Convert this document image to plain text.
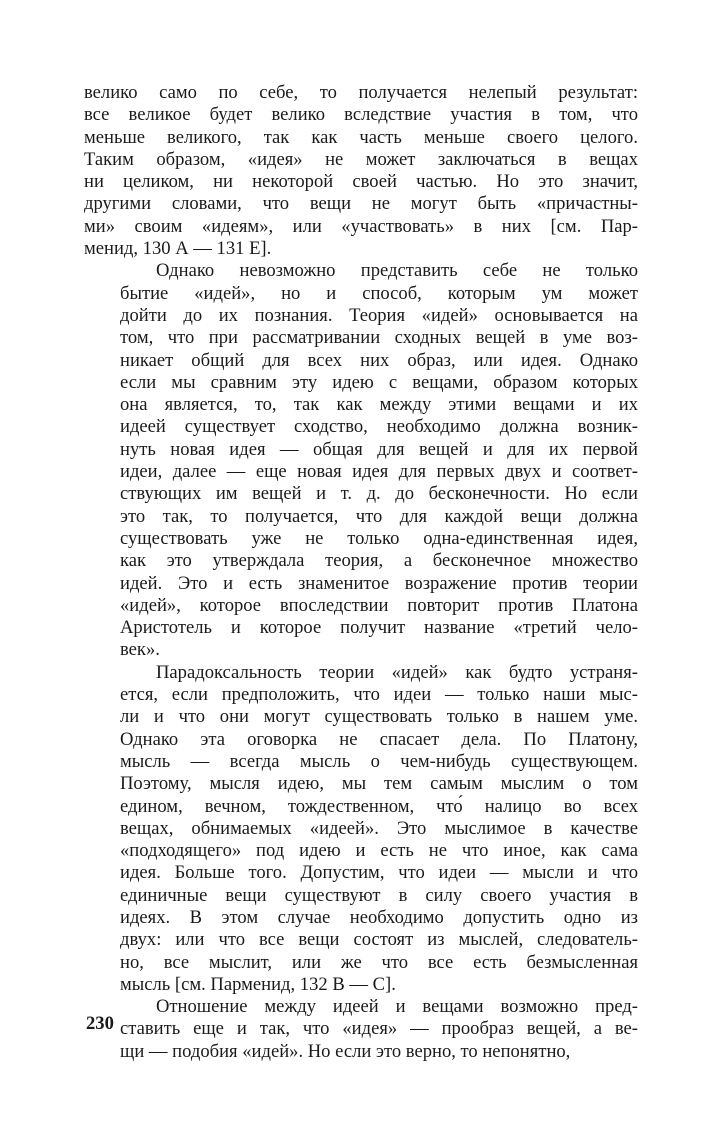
велико само по себе, то получается нелепый результат:
все великое будет велико вследствие участия в том, что
меньше великого, так как часть меньше своего целого.
Таким образом, «идея» не может заключаться в вещах
ни целиком, ни некоторой своей частью. Но это значит,
другими словами, что вещи не могут быть «причастны-
ми» своим «идеям», или «участвовать» в них [см. Пар-
менид, 130 А — 131 Е].

Однако невозможно представить себе не только
бытие «идей», но и способ, которым ум может
дойти до их познания. Теория «идей» основывается на
том, что при рассматривании сходных вещей в уме воз-
никает общий для всех них образ, или идея. Однако
если мы сравним эту идею с вещами, образом которых
она является, то, так как между этими вещами и их
идеей существует сходство, необходимо должна возник-
нуть новая идея — общая для вещей и для их первой
идеи, далее — еще новая идея для первых двух и соответ-
ствующих им вещей и т. д. до бесконечности. Но если
это так, то получается, что для каждой вещи должна
существовать уже не только одна-единственная идея,
как это утверждала теория, а бесконечное множество
идей. Это и есть знаменитое возражение против теории
«идей», которое впоследствии повторит против Платона
Аристотель и которое получит название «третий чело-
век».

Парадоксальность теории «идей» как будто устраня-
ется, если предположить, что идеи — только наши мыс-
ли и что они могут существовать только в нашем уме.
Однако эта оговорка не спасает дела. По Платону,
мысль — всегда мысль о чем-нибудь существующем.
Поэтому, мысля идею, мы тем самым мыслим о том
едином, вечном, тождественном, что́ налицо во всех
вещах, обнимаемых «идеей». Это мыслимое в качестве
«подходящего» под идею и есть не что иное, как сама
идея. Больше того. Допустим, что идеи — мысли и что
единичные вещи существуют в силу своего участия в
идеях. В этом случае необходимо допустить одно из
двух: или что все вещи состоят из мыслей, следователь-
но, все мыслит, или же что все есть безмысленная
мысль [см. Парменид, 132 В — С].

Отношение между идеей и вещами возможно пред-
ставить еще и так, что «идея» — прообраз вещей, а ве-
щи — подобия «идей». Но если это верно, то непонятно,

230
